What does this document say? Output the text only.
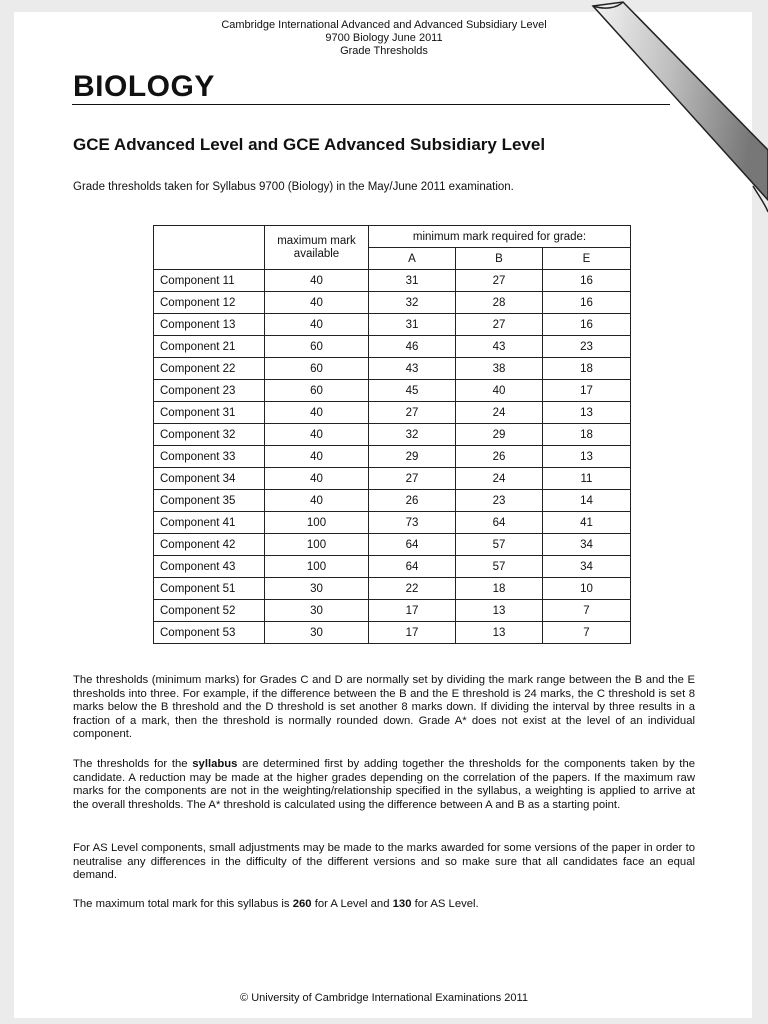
Cambridge International Advanced and Advanced Subsidiary Level
9700 Biology June 2011
Grade Thresholds
BIOLOGY
GCE Advanced Level and GCE Advanced Subsidiary Level
Grade thresholds taken for Syllabus 9700 (Biology) in the May/June 2011 examination.
	maximum mark available	minimum mark required for grade:		
		A	B	E
Component 11	40	31	27	16
Component 12	40	32	28	16
Component 13	40	31	27	16
Component 21	60	46	43	23
Component 22	60	43	38	18
Component 23	60	45	40	17
Component 31	40	27	24	13
Component 32	40	32	29	18
Component 33	40	29	26	13
Component 34	40	27	24	11
Component 35	40	26	23	14
Component 41	100	73	64	41
Component 42	100	64	57	34
Component 43	100	64	57	34
Component 51	30	22	18	10
Component 52	30	17	13	7
Component 53	30	17	13	7
The thresholds (minimum marks) for Grades C and D are normally set by dividing the mark range between the B and the E thresholds into three. For example, if the difference between the B and the E threshold is 24 marks, the C threshold is set 8 marks below the B threshold and the D threshold is set another 8 marks down. If dividing the interval by three results in a fraction of a mark, then the threshold is normally rounded down. Grade A* does not exist at the level of an individual component.
The thresholds for the syllabus are determined first by adding together the thresholds for the components taken by the candidate. A reduction may be made at the higher grades depending on the correlation of the papers. If the maximum raw marks for the components are not in the weighting/relationship specified in the syllabus, a weighting is applied to arrive at the overall thresholds. The A* threshold is calculated using the difference between A and B as a starting point.
For AS Level components, small adjustments may be made to the marks awarded for some versions of the paper in order to neutralise any differences in the difficulty of the different versions and so make sure that all candidates face an equal demand.
The maximum total mark for this syllabus is 260 for A Level and 130 for AS Level.
© University of Cambridge International Examinations 2011
